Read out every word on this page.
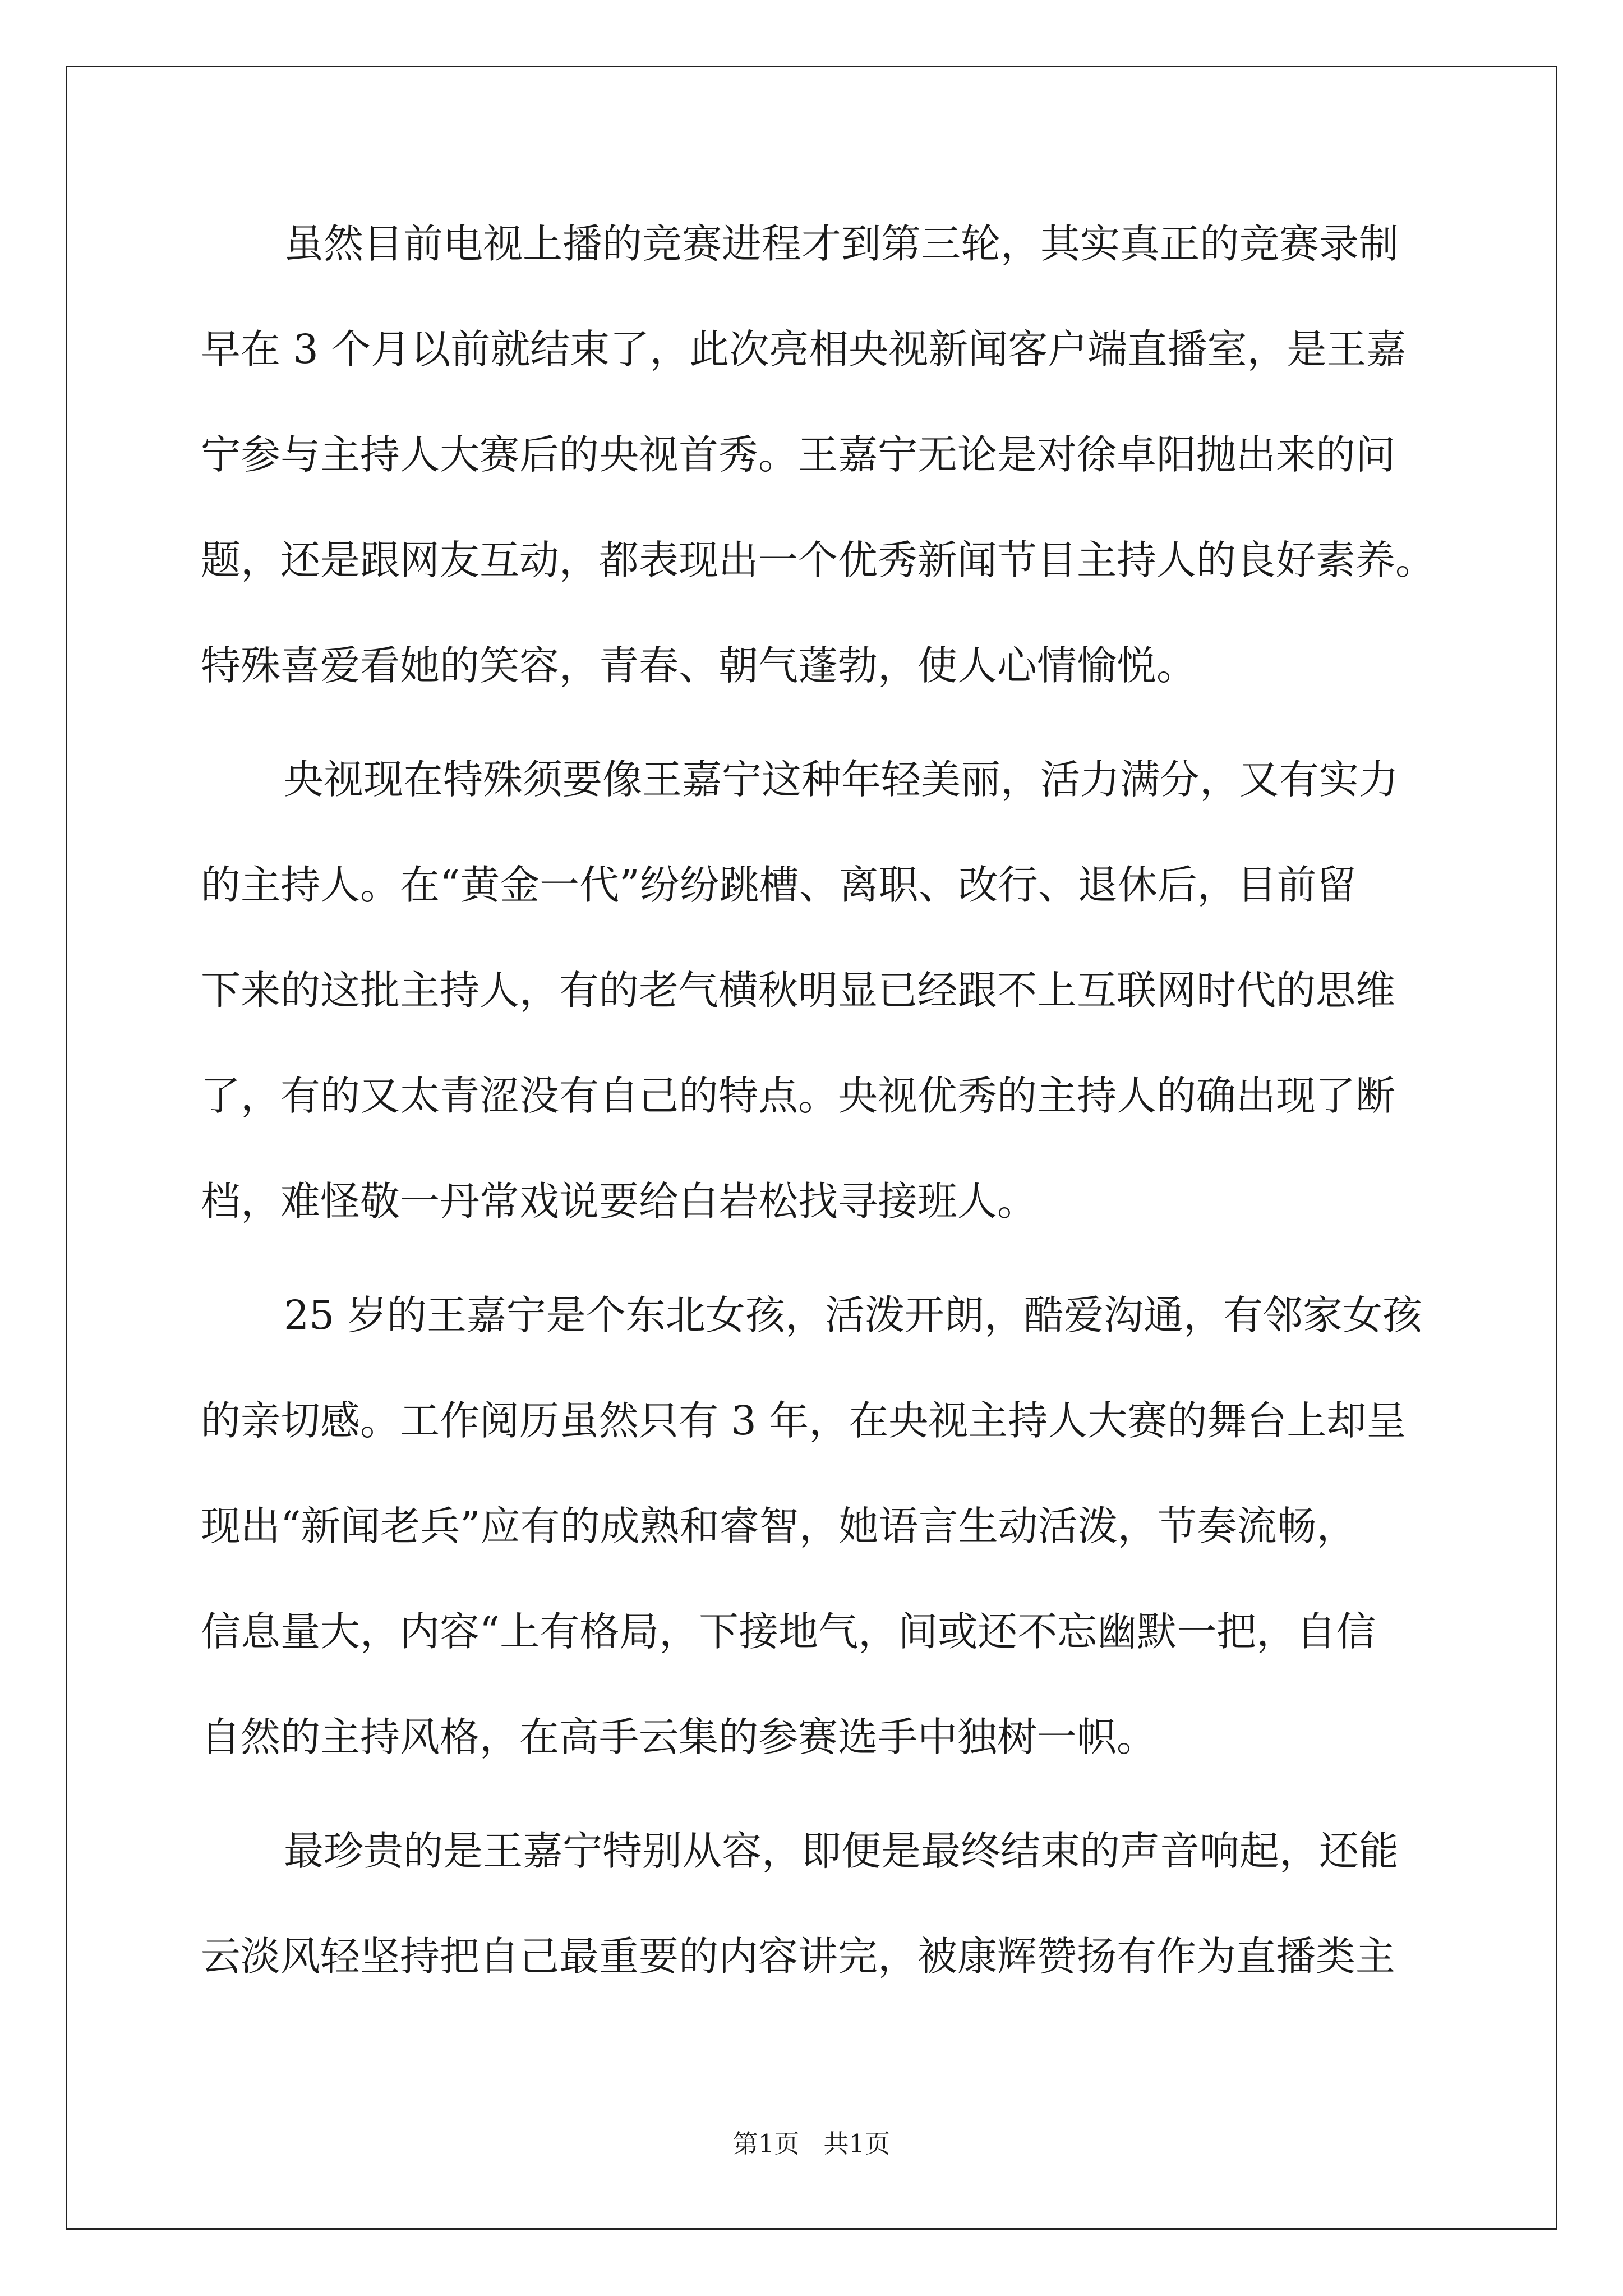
虽然目前电视上播的竞赛进程才到第三轮，其实真正的竞赛录制
早在 3 个月以前就结束了，此次亮相央视新闻客户端直播室，是王嘉
宁参与主持人大赛后的央视首秀。王嘉宁无论是对徐卓阳抛出来的问
题，还是跟网友互动，都表现出一个优秀新闻节目主持人的良好素养。
特殊喜爱看她的笑容，青春、朝气蓬勃，使人心情愉悦。
央视现在特殊须要像王嘉宁这种年轻美丽，活力满分，又有实力
的主持人。在“黄金一代”纷纷跳槽、离职、改行、退休后，目前留
下来的这批主持人，有的老气横秋明显已经跟不上互联网时代的思维
了，有的又太青涩没有自己的特点。央视优秀的主持人的确出现了断
档，难怪敬一丹常戏说要给白岩松找寻接班人。
25 岁的王嘉宁是个东北女孩，活泼开朗，酷爱沟通，有邻家女孩
的亲切感。工作阅历虽然只有 3 年，在央视主持人大赛的舞台上却呈
现出“新闻老兵”应有的成熟和睿智，她语言生动活泼，节奏流畅，
信息量大，内容“上有格局，下接地气，间或还不忘幽默一把，自信
自然的主持风格，在高手云集的参赛选手中独树一帜。
最珍贵的是王嘉宁特别从容，即便是最终结束的声音响起，还能
云淡风轻坚持把自己最重要的内容讲完，被康辉赞扬有作为直播类主
第1页   共1页
